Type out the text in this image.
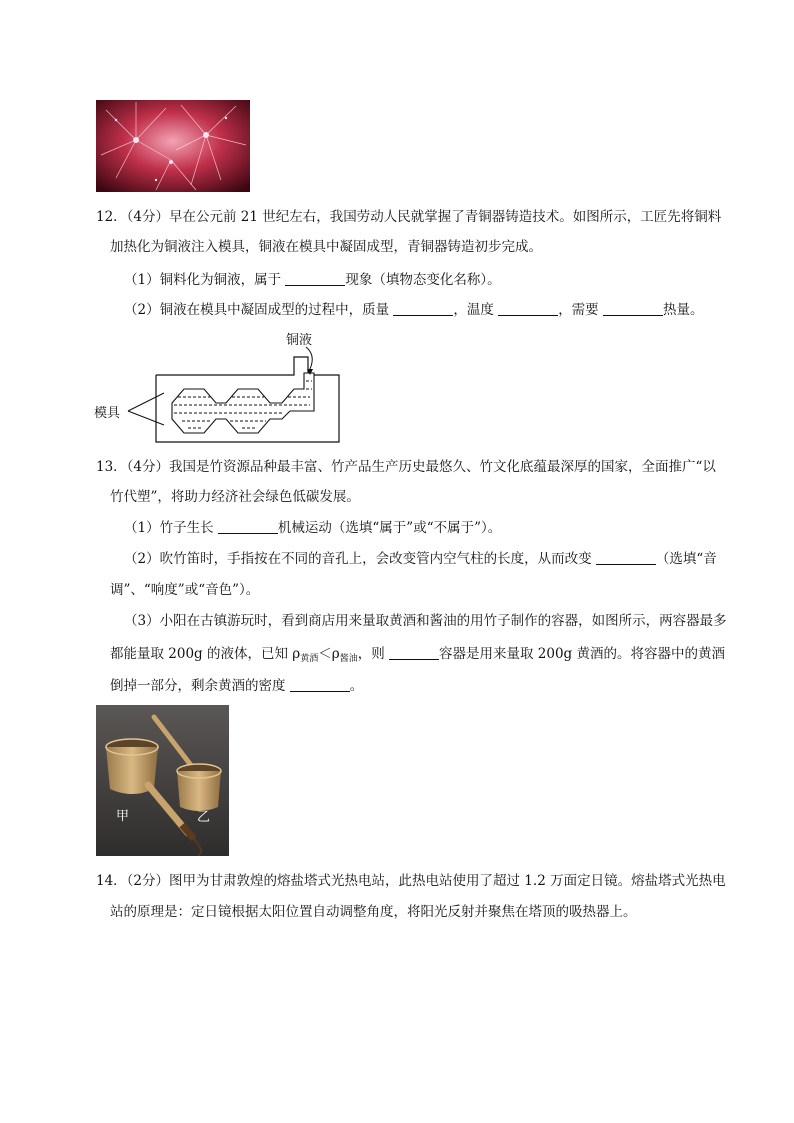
12．（4分）早在公元前 21 世纪左右，我国劳动人民就掌握了青铜器铸造技术。如图所示，工匠先将铜料
加热化为铜液注入模具，铜液在模具中凝固成型，青铜器铸造初步完成。
（1）铜料化为铜液，属于	现象（填物态变化名称）。
（2）铜液在模具中凝固成型的过程中，质量	，温度	，需要	热量。
铜液
模具
13．（4分）我国是竹资源品种最丰富、竹产品生产历史最悠久、竹文化底蕴最深厚的国家，全面推广“以
竹代塑”，将助力经济社会绿色低碳发展。
（1）竹子生长	机械运动（选填“属于”或“不属于”）。
（2）吹竹笛时，手指按在不同的音孔上，会改变管内空气柱的长度，从而改变	（选填“音
调”、“响度”或“音色”）。
（3）小阳在古镇游玩时，看到商店用来量取黄酒和酱油的用竹子制作的容器，如图所示，两容器最多
都能量取 200g 的液体，已知 $\rho_{黄酒}<\rho_{酱油}$，则	容器是用来量取 200g 黄酒的。将容器中的黄酒
倒掉一部分，剩余黄酒的密度	。
甲	乙
14．（2分）图甲为甘肃敦煌的熔盐塔式光热电站，此热电站使用了超过 1.2 万面定日镜。熔盐塔式光热电
站的原理是：定日镜根据太阳位置自动调整角度，将阳光反射并聚焦在塔顶的吸热器上。
